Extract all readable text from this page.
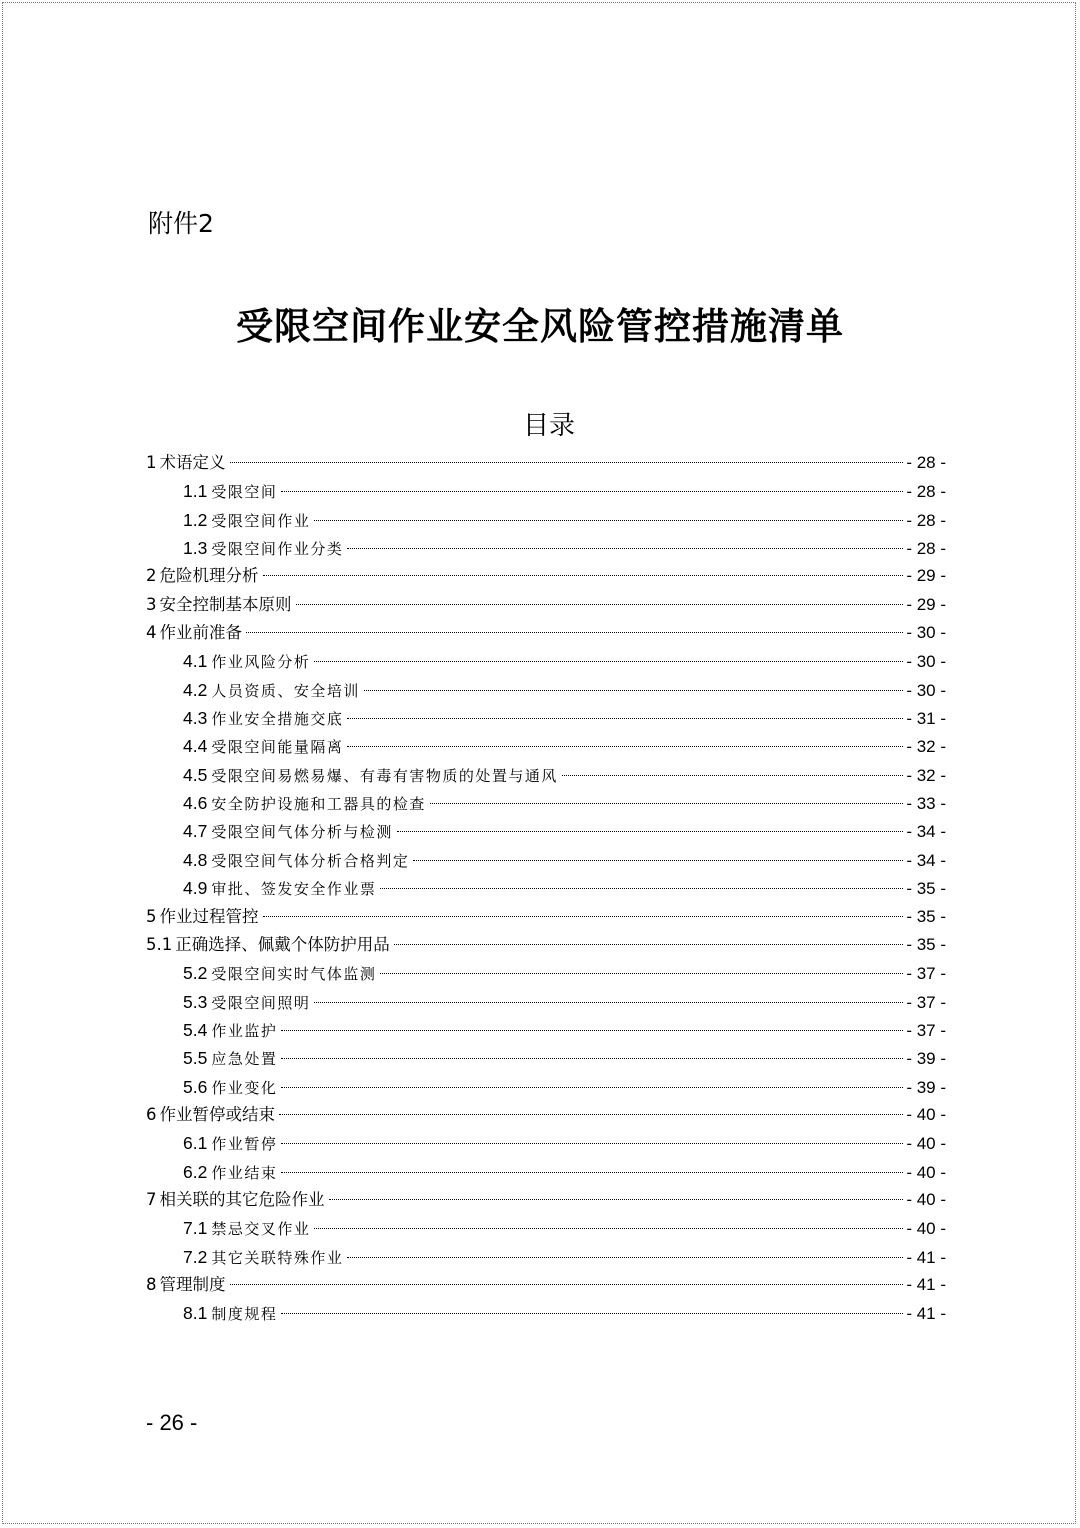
附件2
受限空间作业安全风险管控措施清单
目录
1 术语定义	- 28 -
1.1 受限空间	- 28 -
1.2 受限空间作业	- 28 -
1.3 受限空间作业分类	- 28 -
2 危险机理分析	- 29 -
3 安全控制基本原则	- 29 -
4 作业前准备	- 30 -
4.1 作业风险分析	- 30 -
4.2 人员资质、安全培训	- 30 -
4.3 作业安全措施交底	- 31 -
4.4 受限空间能量隔离	- 32 -
4.5 受限空间易燃易爆、有毒有害物质的处置与通风	- 32 -
4.6 安全防护设施和工器具的检查	- 33 -
4.7 受限空间气体分析与检测	- 34 -
4.8 受限空间气体分析合格判定	- 34 -
4.9 审批、签发安全作业票	- 35 -
5 作业过程管控	- 35 -
5.1 正确选择、佩戴个体防护用品	- 35 -
5.2 受限空间实时气体监测	- 37 -
5.3 受限空间照明	- 37 -
5.4 作业监护	- 37 -
5.5 应急处置	- 39 -
5.6 作业变化	- 39 -
6 作业暂停或结束	- 40 -
6.1 作业暂停	- 40 -
6.2 作业结束	- 40 -
7 相关联的其它危险作业	- 40 -
7.1 禁忌交叉作业	- 40 -
7.2 其它关联特殊作业	- 41 -
8 管理制度	- 41 -
8.1 制度规程	- 41 -
- 26 -
